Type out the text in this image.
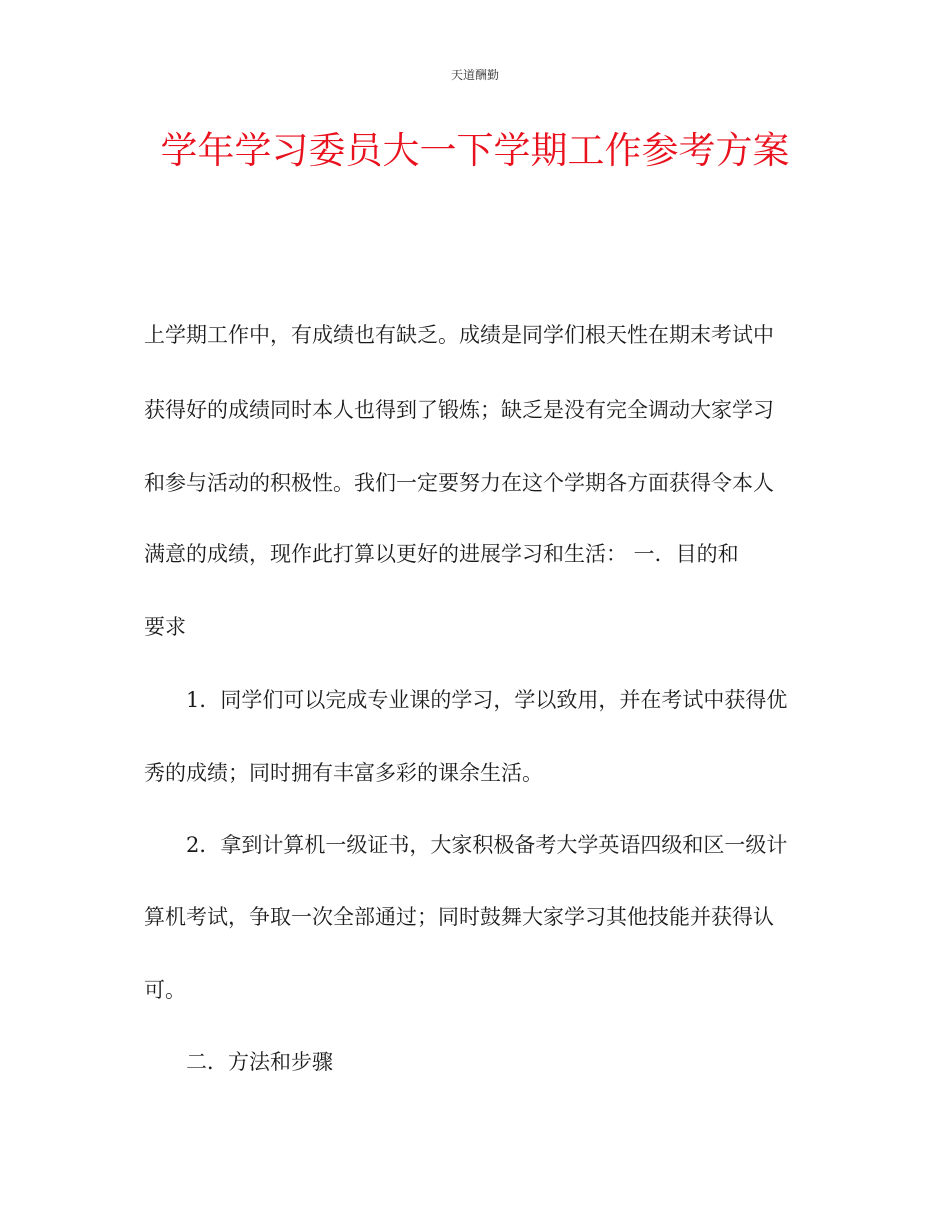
天道酬勤
学年学习委员大一下学期工作参考方案
上学期工作中，有成绩也有缺乏。成绩是同学们根天性在期末考试中
获得好的成绩同时本人也得到了锻炼；缺乏是没有完全调动大家学习
和参与活动的积极性。我们一定要努力在这个学期各方面获得令本人
满意的成绩，现作此打算以更好的进展学习和生活： 一．目的和
要求
1．同学们可以完成专业课的学习，学以致用，并在考试中获得优
秀的成绩；同时拥有丰富多彩的课余生活。
2．拿到计算机一级证书，大家积极备考大学英语四级和区一级计
算机考试，争取一次全部通过；同时鼓舞大家学习其他技能并获得认
可。
二．方法和步骤
